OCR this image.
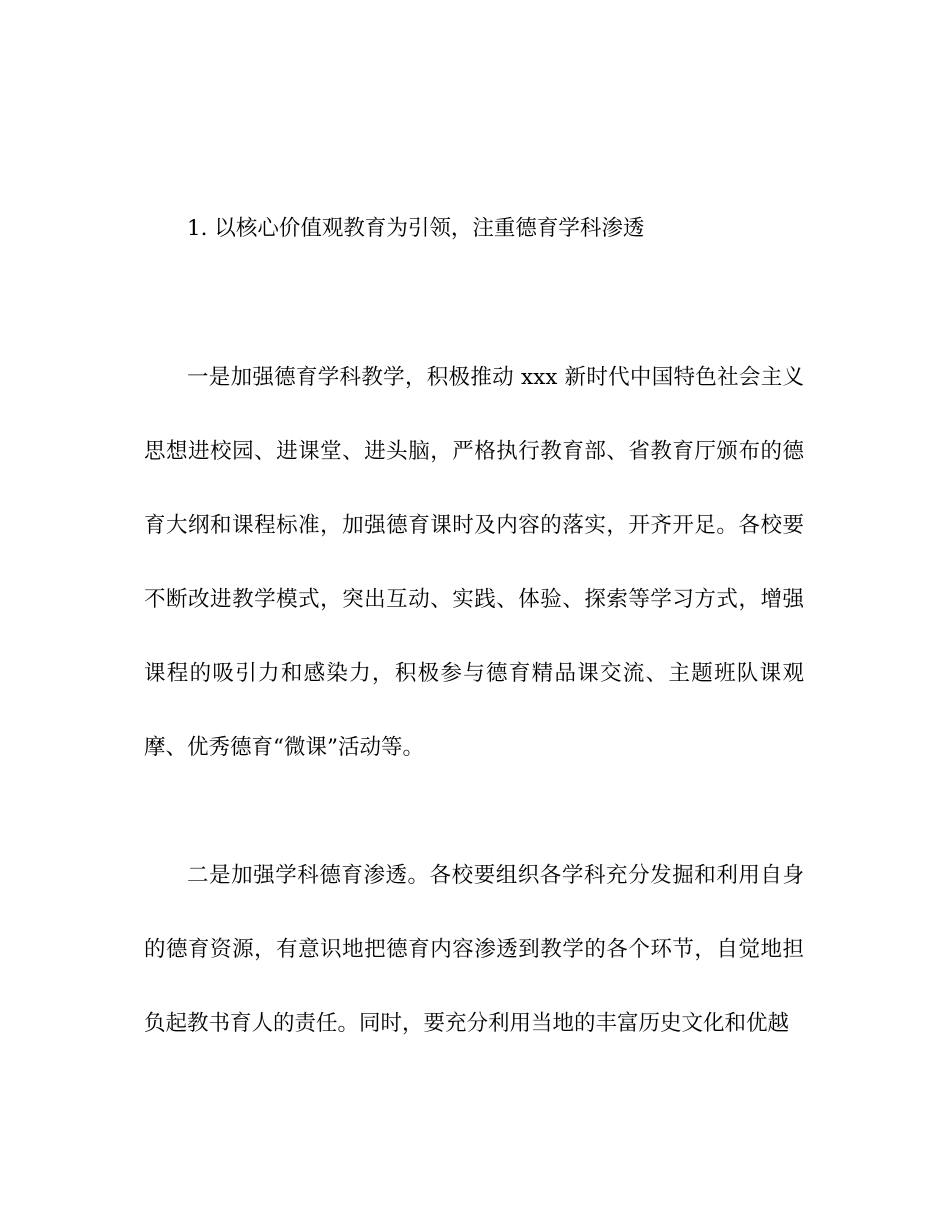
1. 以核心价值观教育为引领，注重德育学科渗透

一是加强德育学科教学，积极推动 xxx 新时代中国特色社会主义思想进校园、进课堂、进头脑，严格执行教育部、省教育厅颁布的德育大纲和课程标准，加强德育课时及内容的落实，开齐开足。各校要不断改进教学模式，突出互动、实践、体验、探索等学习方式，增强课程的吸引力和感染力，积极参与德育精品课交流、主题班队课观摩、优秀德育“微课”活动等。

二是加强学科德育渗透。各校要组织各学科充分发掘和利用自身的德育资源，有意识地把德育内容渗透到教学的各个环节，自觉地担负起教书育人的责任。同时，要充分利用当地的丰富历史文化和优越
